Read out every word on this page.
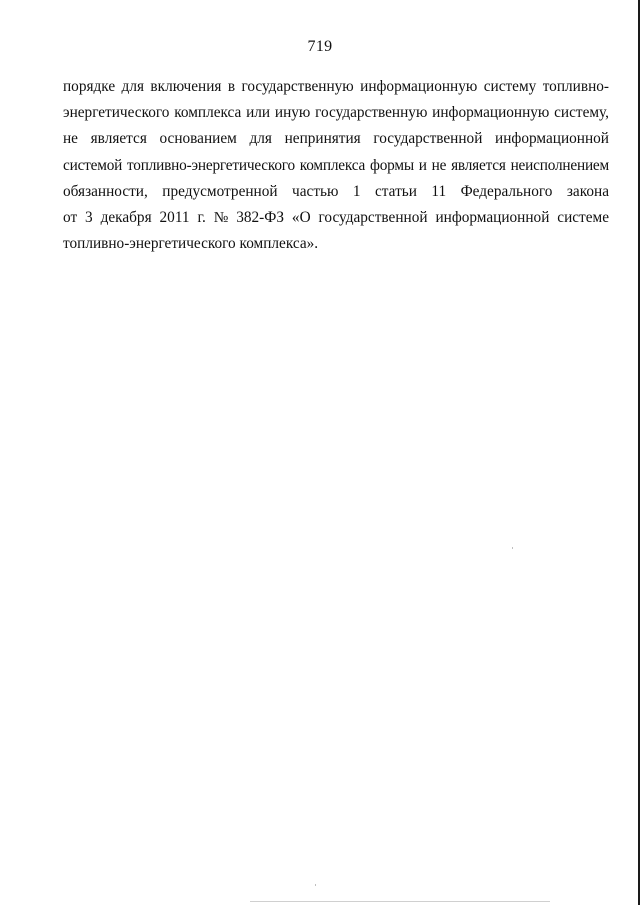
719
порядке для включения в государственную информационную систему топливно-
энергетического комплекса или иную государственную информационную систему,
не является основанием для непринятия государственной информационной
системой топливно-энергетического комплекса формы и не является неисполнением
обязанности, предусмотренной частью 1 статьи 11 Федерального закона
от 3 декабря 2011 г. № 382-ФЗ «О государственной информационной системе
топливно-энергетического комплекса».
